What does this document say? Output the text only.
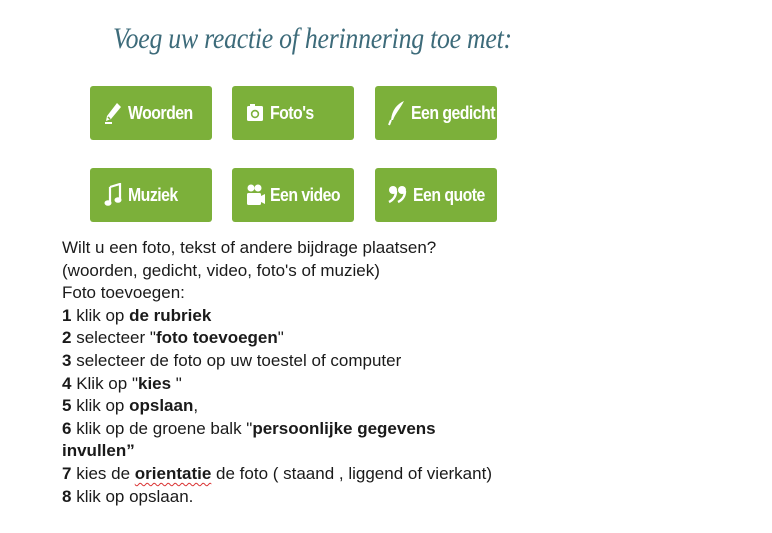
Voeg uw reactie of herinnering toe met:
Woorden	Foto's	Een gedicht
Muziek	Een video	Een quote
Wilt u een foto, tekst of andere bijdrage plaatsen?
(woorden, gedicht, video, foto's of muziek)
Foto toevoegen:
1 klik op de rubriek
2 selecteer "foto toevoegen"
3 selecteer de foto op uw toestel of computer
4 Klik op "kies "
5 klik op opslaan,
6 klik op de groene balk "persoonlijke gegevens
invullen”
7 kies de orientatie de foto ( staand , liggend of vierkant)
8 klik op opslaan.
